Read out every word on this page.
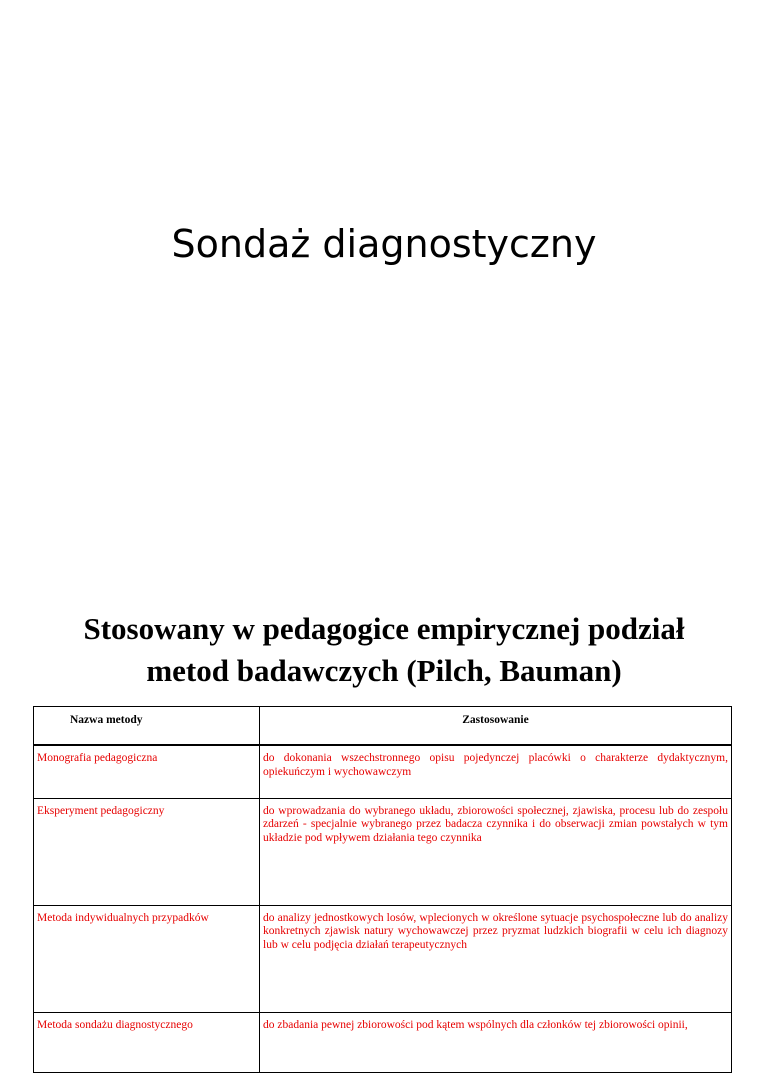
Sondaż diagnostyczny
Stosowany w pedagogice empirycznej podział
metod badawczych (Pilch, Bauman)
Nazwa metody	Zastosowanie
Monografia pedagogiczna	do dokonania wszechstronnego opisu pojedynczej placówki o charakterze dydaktycznym, opiekuńczym i wychowawczym
Eksperyment pedagogiczny	do wprowadzania do wybranego układu, zbiorowości społecznej, zjawiska, procesu lub do zespołu zdarzeń - specjalnie wybranego przez badacza czynnika i do obserwacji zmian powstałych w tym układzie pod wpływem działania tego czynnika
Metoda indywidualnych przypadków	do analizy jednostkowych losów, wplecionych w określone sytuacje psychospołeczne lub do analizy konkretnych zjawisk natury wychowawczej przez pryzmat ludzkich biografii w celu ich diagnozy lub w celu podjęcia działań terapeutycznych
Metoda sondażu diagnostycznego	do zbadania pewnej zbiorowości pod kątem wspólnych dla członków tej zbiorowości opinii,
